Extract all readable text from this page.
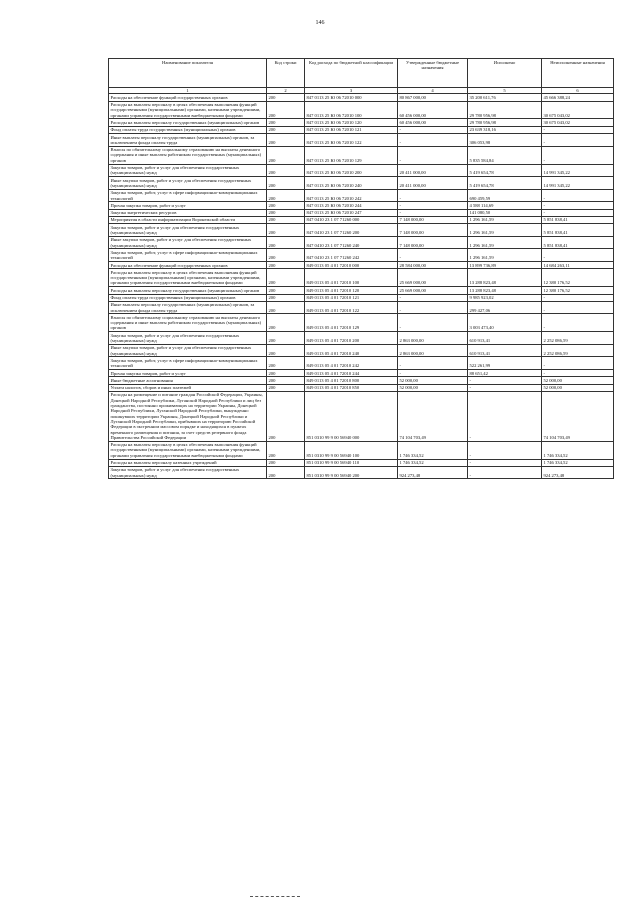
146
Наименование показателя	Код строки	Код расхода по бюджетной классификации	Утвержденные бюджетные назначения	Исполнено	Неисполненные назначения
1	2	3	4	5	6
Расходы на обеспечение функций государственных органов	200	847 0113 25 Ю 06 72010 000	80 867 000,00	35 200 611,76	45 666 388,24
Расходы на выплаты персоналу в целях обеспечения выполнения функций государственными (муниципальными) органами, казенными учреждениями, органами управления государственными внебюджетными фондами	200	847 0113 25 Ю 06 72010 100	60 456 000,00	29 780 956,98	30 675 043,02
Расходы на выплаты персоналу государственных (муниципальных) органов	200	847 0113 25 Ю 06 72010 120	60 456 000,00	29 780 956,98	30 675 043,02
Фонд оплаты труда государственных (муниципальных) органов	200	847 0113 25 Ю 06 72010 121	-	23 639 318,16	-
Иные выплаты персоналу государственных (муниципальных) органов, за исключением фонда оплаты труда	200	847 0113 25 Ю 06 72010 122	-	306 053,98	-
Взносы по обязательному социальному страхованию на выплаты денежного содержания и иные выплаты работникам государственных (муниципальных) органов	200	847 0113 25 Ю 06 72010 129	-	5 835 584,84	-
Закупка товаров, работ и услуг для обеспечения государственных (муниципальных) нужд	200	847 0113 25 Ю 06 72010 200	20 411 000,00	5 419 654,78	14 991 345,22
Иные закупки товаров, работ и услуг для обеспечения государственных (муниципальных) нужд	200	847 0113 25 Ю 06 72010 240	20 411 000,00	5 419 654,78	14 991 345,22
Закупка товаров, работ, услуг в сфере информационно-коммуникационных технологий	200	847 0113 25 Ю 06 72010 242	-	690 459,59	-
Прочая закупка товаров, работ и услуг	200	847 0113 25 Ю 06 72010 244	-	4 588 114,69	-
Закупка энергетических ресурсов	200	847 0113 25 Ю 06 72010 247	-	141 080,50	-
Мероприятия в области информатизации Воронежской области	200	847 0410 23 1 07 71260 000	7 148 000,00	1 296 161,59	5 851 838,41
Закупка товаров, работ и услуг для обеспечения государственных (муниципальных) нужд	200	847 0410 23 1 07 71260 200	7 148 000,00	1 296 161,59	5 851 838,41
Иные закупки товаров, работ и услуг для обеспечения государственных (муниципальных) нужд	200	847 0410 23 1 07 71260 240	7 148 000,00	1 296 161,59	5 851 838,41
Закупка товаров, работ, услуг в сфере информационно-коммуникационных технологий	200	847 0410 23 1 07 71260 242	-	1 296 161,59	-
Расходы на обеспечение функций государственных органов	200	849 0113 05 4 01 72010 000	28 584 000,00	13 899 736,89	14 684 263,11
Расходы на выплаты персоналу в целях обеспечения выполнения функций государственными (муниципальными) органами, казенными учреждениями, органами управления государственными внебюджетными фондами	200	849 0113 05 4 01 72010 100	25 669 000,00	13 288 823,48	12 380 176,52
Расходы на выплаты персоналу государственных (муниципальных) органов	200	849 0113 05 4 01 72010 120	25 669 000,00	13 288 823,48	12 380 176,52
Фонд оплаты труда государственных (муниципальных) органов	200	849 0113 05 4 01 72010 121	-	9 985 923,02	-
Иные выплаты персоналу государственных (муниципальных) органов, за исключением фонда оплаты труда	200	849 0113 05 4 01 72010 122	-	299 427,06	-
Взносы по обязательному социальному страхованию на выплаты денежного содержания и иные выплаты работникам государственных (муниципальных) органов	200	849 0113 05 4 01 72010 129	-	3 003 473,40	-
Закупка товаров, работ и услуг для обеспечения государственных (муниципальных) нужд	200	849 0113 05 4 01 72010 200	2 863 000,00	610 913,41	2 252 086,59
Иные закупки товаров, работ и услуг для обеспечения государственных (муниципальных) нужд	200	849 0113 05 4 01 72010 240	2 863 000,00	610 913,41	2 252 086,59
Закупка товаров, работ, услуг в сфере информационно-коммуникационных технологий	200	849 0113 05 4 01 72010 242	-	522 261,99	-
Прочая закупка товаров, работ и услуг	200	849 0113 05 4 01 72010 244	-	88 651,42	-
Иные бюджетные ассигнования	200	849 0113 05 4 01 72010 800	52 000,00	-	52 000,00
Уплата налогов, сборов и иных платежей	200	849 0113 05 4 01 72010 850	52 000,00	-	52 000,00
Расходы на размещение и питание граждан Российской Федерации, Украины, Донецкой Народной Республики, Луганской Народной Республики и лиц без гражданства, постоянно проживающих на территории Украины, Донецкой Народной Республики, Луганской Народной Республики, вынужденно покинувших территории Украины, Донецкой Народной Республики и Луганской Народной Республики, прибывших на территорию Российской Федерации в экстренном массовом порядке и находящихся в пунктах временного размещения и питания, за счет средств резервного фонда Правительства Российской Федерации	200	851 0310 99 9 00 56940 000	74 104 703,49	-	74 104 703,49
Расходы на выплаты персоналу в целях обеспечения выполнения функций государственными (муниципальными) органами, казенными учреждениями, органами управления государственными внебюджетными фондами	200	851 0310 99 9 00 56940 100	1 746 334,52	-	1 746 334,52
Расходы на выплаты персоналу казенных учреждений	200	851 0310 99 9 00 56940 110	1 746 334,52	-	1 746 334,52
Закупка товаров, работ и услуг для обеспечения государственных (муниципальных) нужд	200	851 0310 99 9 00 56940 200	924 273,48	-	924 273,48
